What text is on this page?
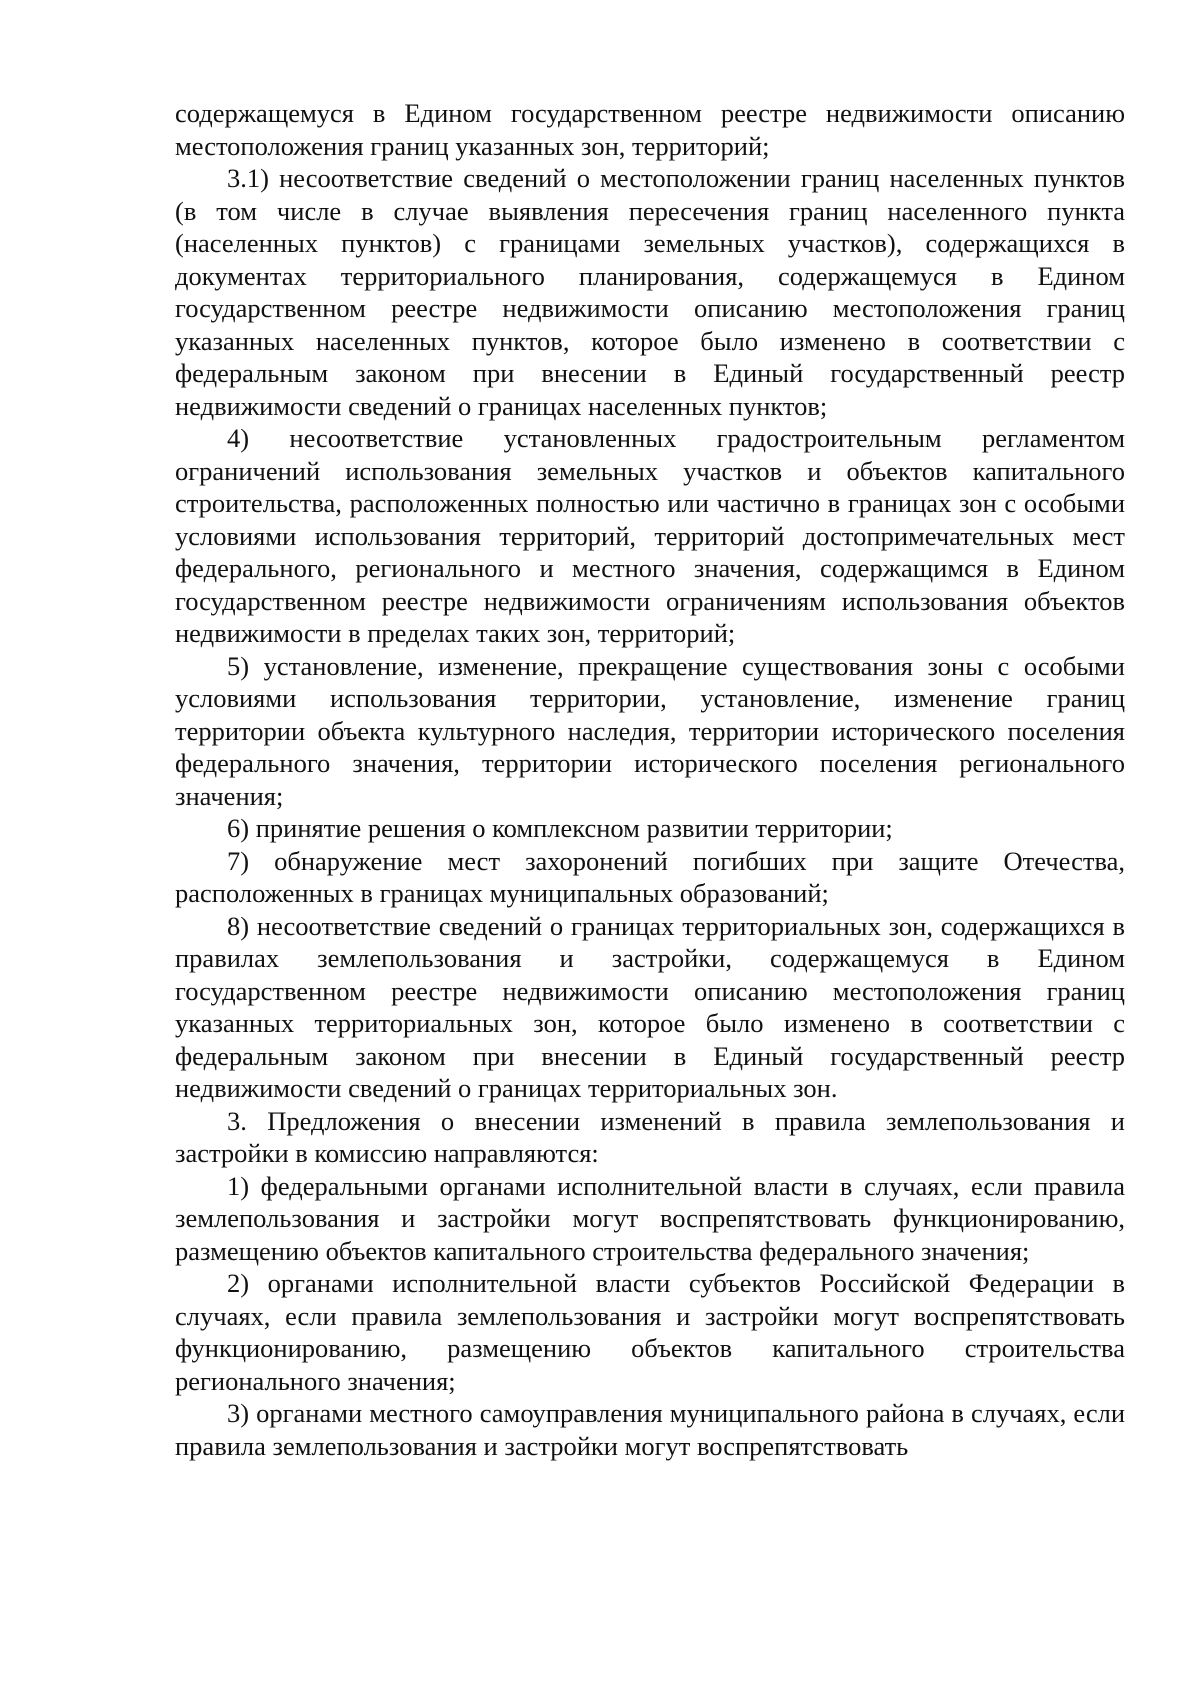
содержащемуся в Едином государственном реестре недвижимости описанию местоположения границ указанных зон, территорий;

3.1) несоответствие сведений о местоположении границ населенных пунктов (в том числе в случае выявления пересечения границ населенного пункта (населенных пунктов) с границами земельных участков), содержащихся в документах территориального планирования, содержащемуся в Едином государственном реестре недвижимости описанию местоположения границ указанных населенных пунктов, которое было изменено в соответствии с федеральным законом при внесении в Единый государственный реестр недвижимости сведений о границах населенных пунктов;

4) несоответствие установленных градостроительным регламентом ограничений использования земельных участков и объектов капитального строительства, расположенных полностью или частично в границах зон с особыми условиями использования территорий, территорий достопримечательных мест федерального, регионального и местного значения, содержащимся в Едином государственном реестре недвижимости ограничениям использования объектов недвижимости в пределах таких зон, территорий;

5) установление, изменение, прекращение существования зоны с особыми условиями использования территории, установление, изменение границ территории объекта культурного наследия, территории исторического поселения федерального значения, территории исторического поселения регионального значения;

6) принятие решения о комплексном развитии территории;

7) обнаружение мест захоронений погибших при защите Отечества, расположенных в границах муниципальных образований;

8) несоответствие сведений о границах территориальных зон, содержащихся в правилах землепользования и застройки, содержащемуся в Едином государственном реестре недвижимости описанию местоположения границ указанных территориальных зон, которое было изменено в соответствии с федеральным законом при внесении в Единый государственный реестр недвижимости сведений о границах территориальных зон.

3. Предложения о внесении изменений в правила землепользования и застройки в комиссию направляются:

1) федеральными органами исполнительной власти в случаях, если правила землепользования и застройки могут воспрепятствовать функционированию, размещению объектов капитального строительства федерального значения;

2) органами исполнительной власти субъектов Российской Федерации в случаях, если правила землепользования и застройки могут воспрепятствовать функционированию, размещению объектов капитального строительства регионального значения;

3) органами местного самоуправления муниципального района в случаях, если правила землепользования и застройки могут воспрепятствовать
